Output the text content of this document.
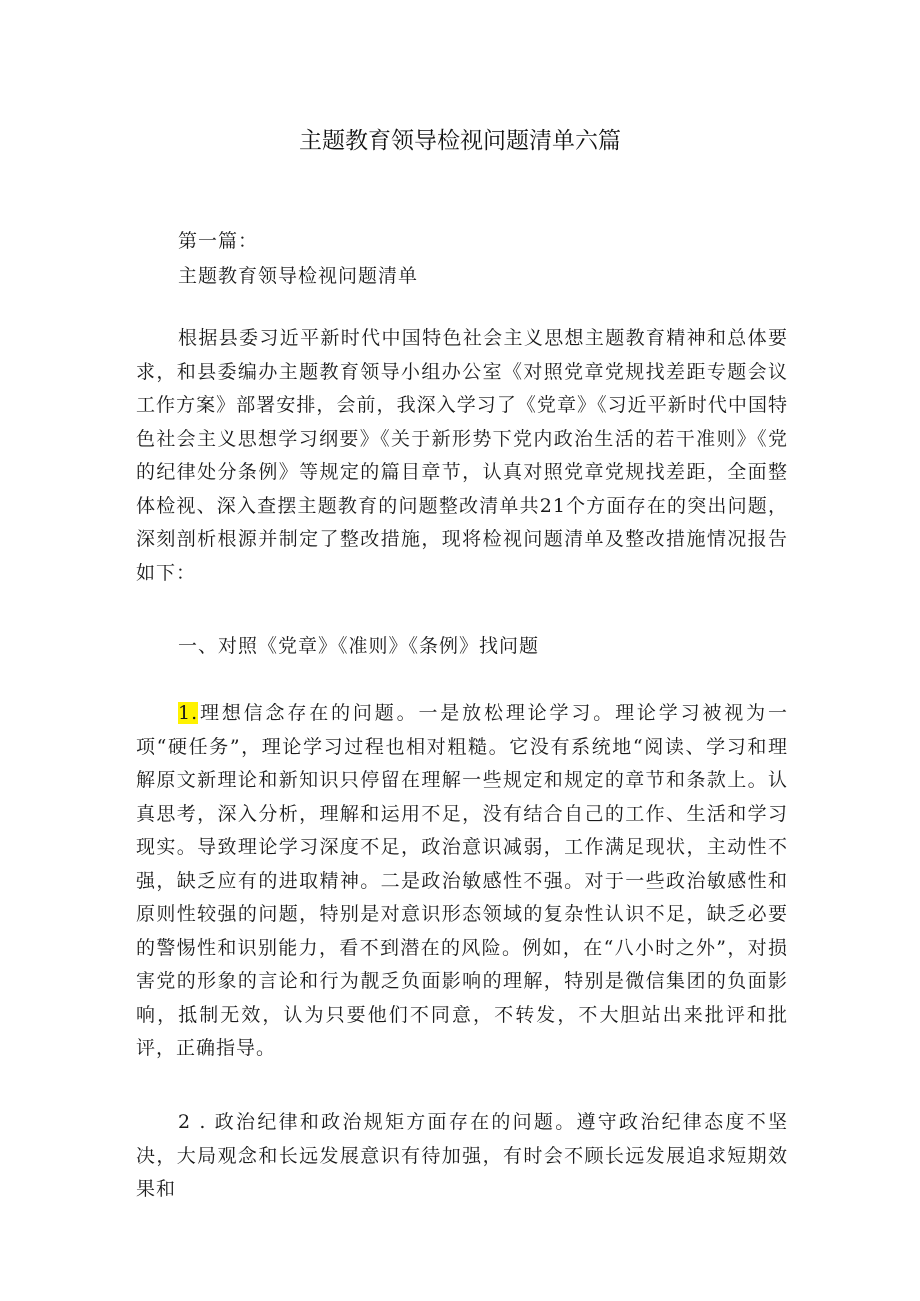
主题教育领导检视问题清单六篇
第一篇：
主题教育领导检视问题清单

根据县委习近平新时代中国特色社会主义思想主题教育精神和总体要求，和县委编办主题教育领导小组办公室《对照党章党规找差距专题会议工作方案》部署安排，会前，我深入学习了《党章》《习近平新时代中国特色社会主义思想学习纲要》《关于新形势下党内政治生活的若干准则》《党的纪律处分条例》等规定的篇目章节，认真对照党章党规找差距，全面整体检视、深入查摆主题教育的问题整改清单共21个方面存在的突出问题，深刻剖析根源并制定了整改措施，现将检视问题清单及整改措施情况报告如下：

一、对照《党章》《准则》《条例》找问题

1.理想信念存在的问题。一是放松理论学习。理论学习被视为一项“硬任务”，理论学习过程也相对粗糙。它没有系统地“阅读、学习和理解原文新理论和新知识只停留在理解一些规定和规定的章节和条款上。认真思考，深入分析，理解和运用不足，没有结合自己的工作、生活和学习现实。导致理论学习深度不足，政治意识减弱，工作满足现状，主动性不强，缺乏应有的进取精神。二是政治敏感性不强。对于一些政治敏感性和原则性较强的问题，特别是对意识形态领域的复杂性认识不足，缺乏必要的警惕性和识别能力，看不到潜在的风险。例如，在“八小时之外”，对损害党的形象的言论和行为靓乏负面影响的理解，特别是微信集团的负面影响，抵制无效，认为只要他们不同意，不转发，不大胆站出来批评和批评，正确指导。

2 . 政治纪律和政治规矩方面存在的问题。遵守政治纪律态度不坚决，大局观念和长远发展意识有待加强，有时会不顾长远发展追求短期效果和
